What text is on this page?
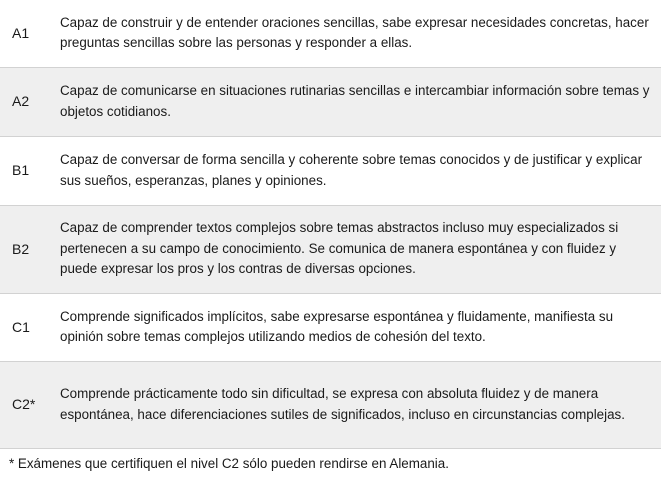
A1	Capaz de construir y de entender oraciones sencillas, sabe expresar necesidades concretas, hacer preguntas sencillas sobre las personas y responder a ellas.
A2	Capaz de comunicarse en situaciones rutinarias sencillas e intercambiar información sobre temas y objetos cotidianos.
B1	Capaz de conversar de forma sencilla y coherente sobre temas conocidos y de justificar y explicar sus sueños, esperanzas, planes y opiniones.
B2	Capaz de comprender textos complejos sobre temas abstractos incluso muy especializados si pertenecen a su campo de conocimiento. Se comunica de manera espontánea y con fluidez y puede expresar los pros y los contras de diversas opciones.
C1	Comprende significados implícitos, sabe expresarse espontánea y fluidamente, manifiesta su opinión sobre temas complejos utilizando medios de cohesión del texto.
C2*	Comprende prácticamente todo sin dificultad, se expresa con absoluta fluidez y de manera espontánea, hace diferenciaciones sutiles de significados, incluso en circunstancias complejas.
* Exámenes que certifiquen el nivel C2 sólo pueden rendirse en Alemania.
